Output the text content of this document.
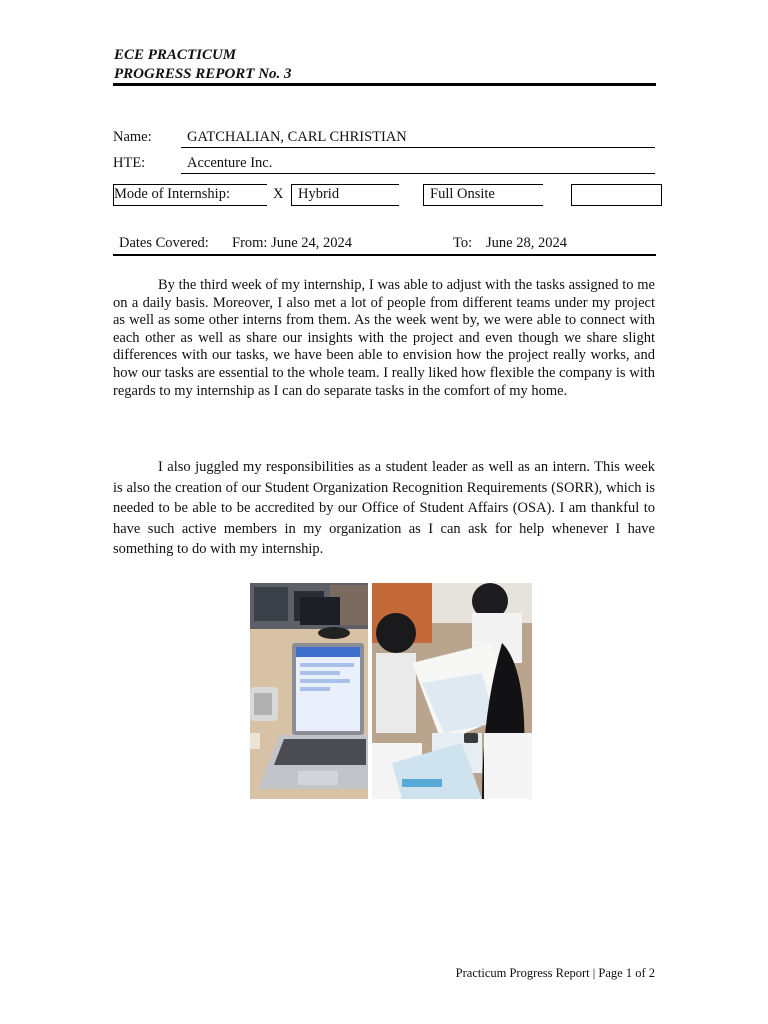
ECE PRACTICUM
PROGRESS REPORT No. 3
Name: GATCHALIAN, CARL CHRISTIAN
HTE:	Accenture Inc.
Mode of Internship:	X Hybrid	Full Onsite
Dates Covered: From: June 24, 2024	To: June 28, 2024

By the third week of my internship, I was able to adjust with the tasks assigned to me on a daily basis. Moreover, I also met a lot of people from different teams under my project as well as some other interns from them. As the week went by, we were able to connect with each other as well as share our insights with the project and even though we share slight differences with our tasks, we have been able to envision how the project really works, and how our tasks are essential to the whole team. I really liked how flexible the company is with regards to my internship as I can do separate tasks in the comfort of my home.

I also juggled my responsibilities as a student leader as well as an intern. This week is also the creation of our Student Organization Recognition Requirements (SORR), which is needed to be able to be accredited by our Office of Student Affairs (OSA). I am thankful to have such active members in my organization as I can ask for help whenever I have something to do with my internship.

Practicum Progress Report | Page 1 of 2
